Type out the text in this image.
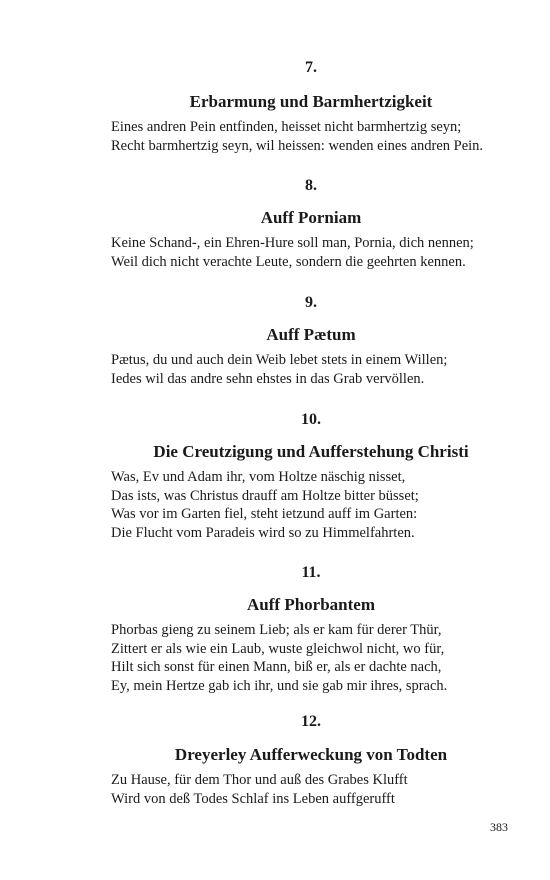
7.
Erbarmung und Barmhertzigkeit
Eines andren Pein entfinden, heisset nicht barmhertzig seyn;
Recht barmhertzig seyn, wil heissen: wenden eines andren Pein.
8.
Auff Porniam
Keine Schand-, ein Ehren-Hure soll man, Pornia, dich nennen;
Weil dich nicht verachte Leute, sondern die geehrten kennen.
9.
Auff Pætum
Pætus, du und auch dein Weib lebet stets in einem Willen;
Iedes wil das andre sehn ehstes in das Grab vervöllen.
10.
Die Creutzigung und Aufferstehung Christi
Was, Ev und Adam ihr, vom Holtze näschig nisset,
Das ists, was Christus drauff am Holtze bitter büsset;
Was vor im Garten fiel, steht ietzund auff im Garten:
Die Flucht vom Paradeis wird so zu Himmelfahrten.
11.
Auff Phorbantem
Phorbas gieng zu seinem Lieb; als er kam für derer Thür,
Zittert er als wie ein Laub, wuste gleichwol nicht, wo für,
Hilt sich sonst für einen Mann, biß er, als er dachte nach,
Ey, mein Hertze gab ich ihr, und sie gab mir ihres, sprach.
12.
Dreyerley Aufferweckung von Todten
Zu Hause, für dem Thor und auß des Grabes Klufft
Wird von deß Todes Schlaf ins Leben auffgerufft
383
